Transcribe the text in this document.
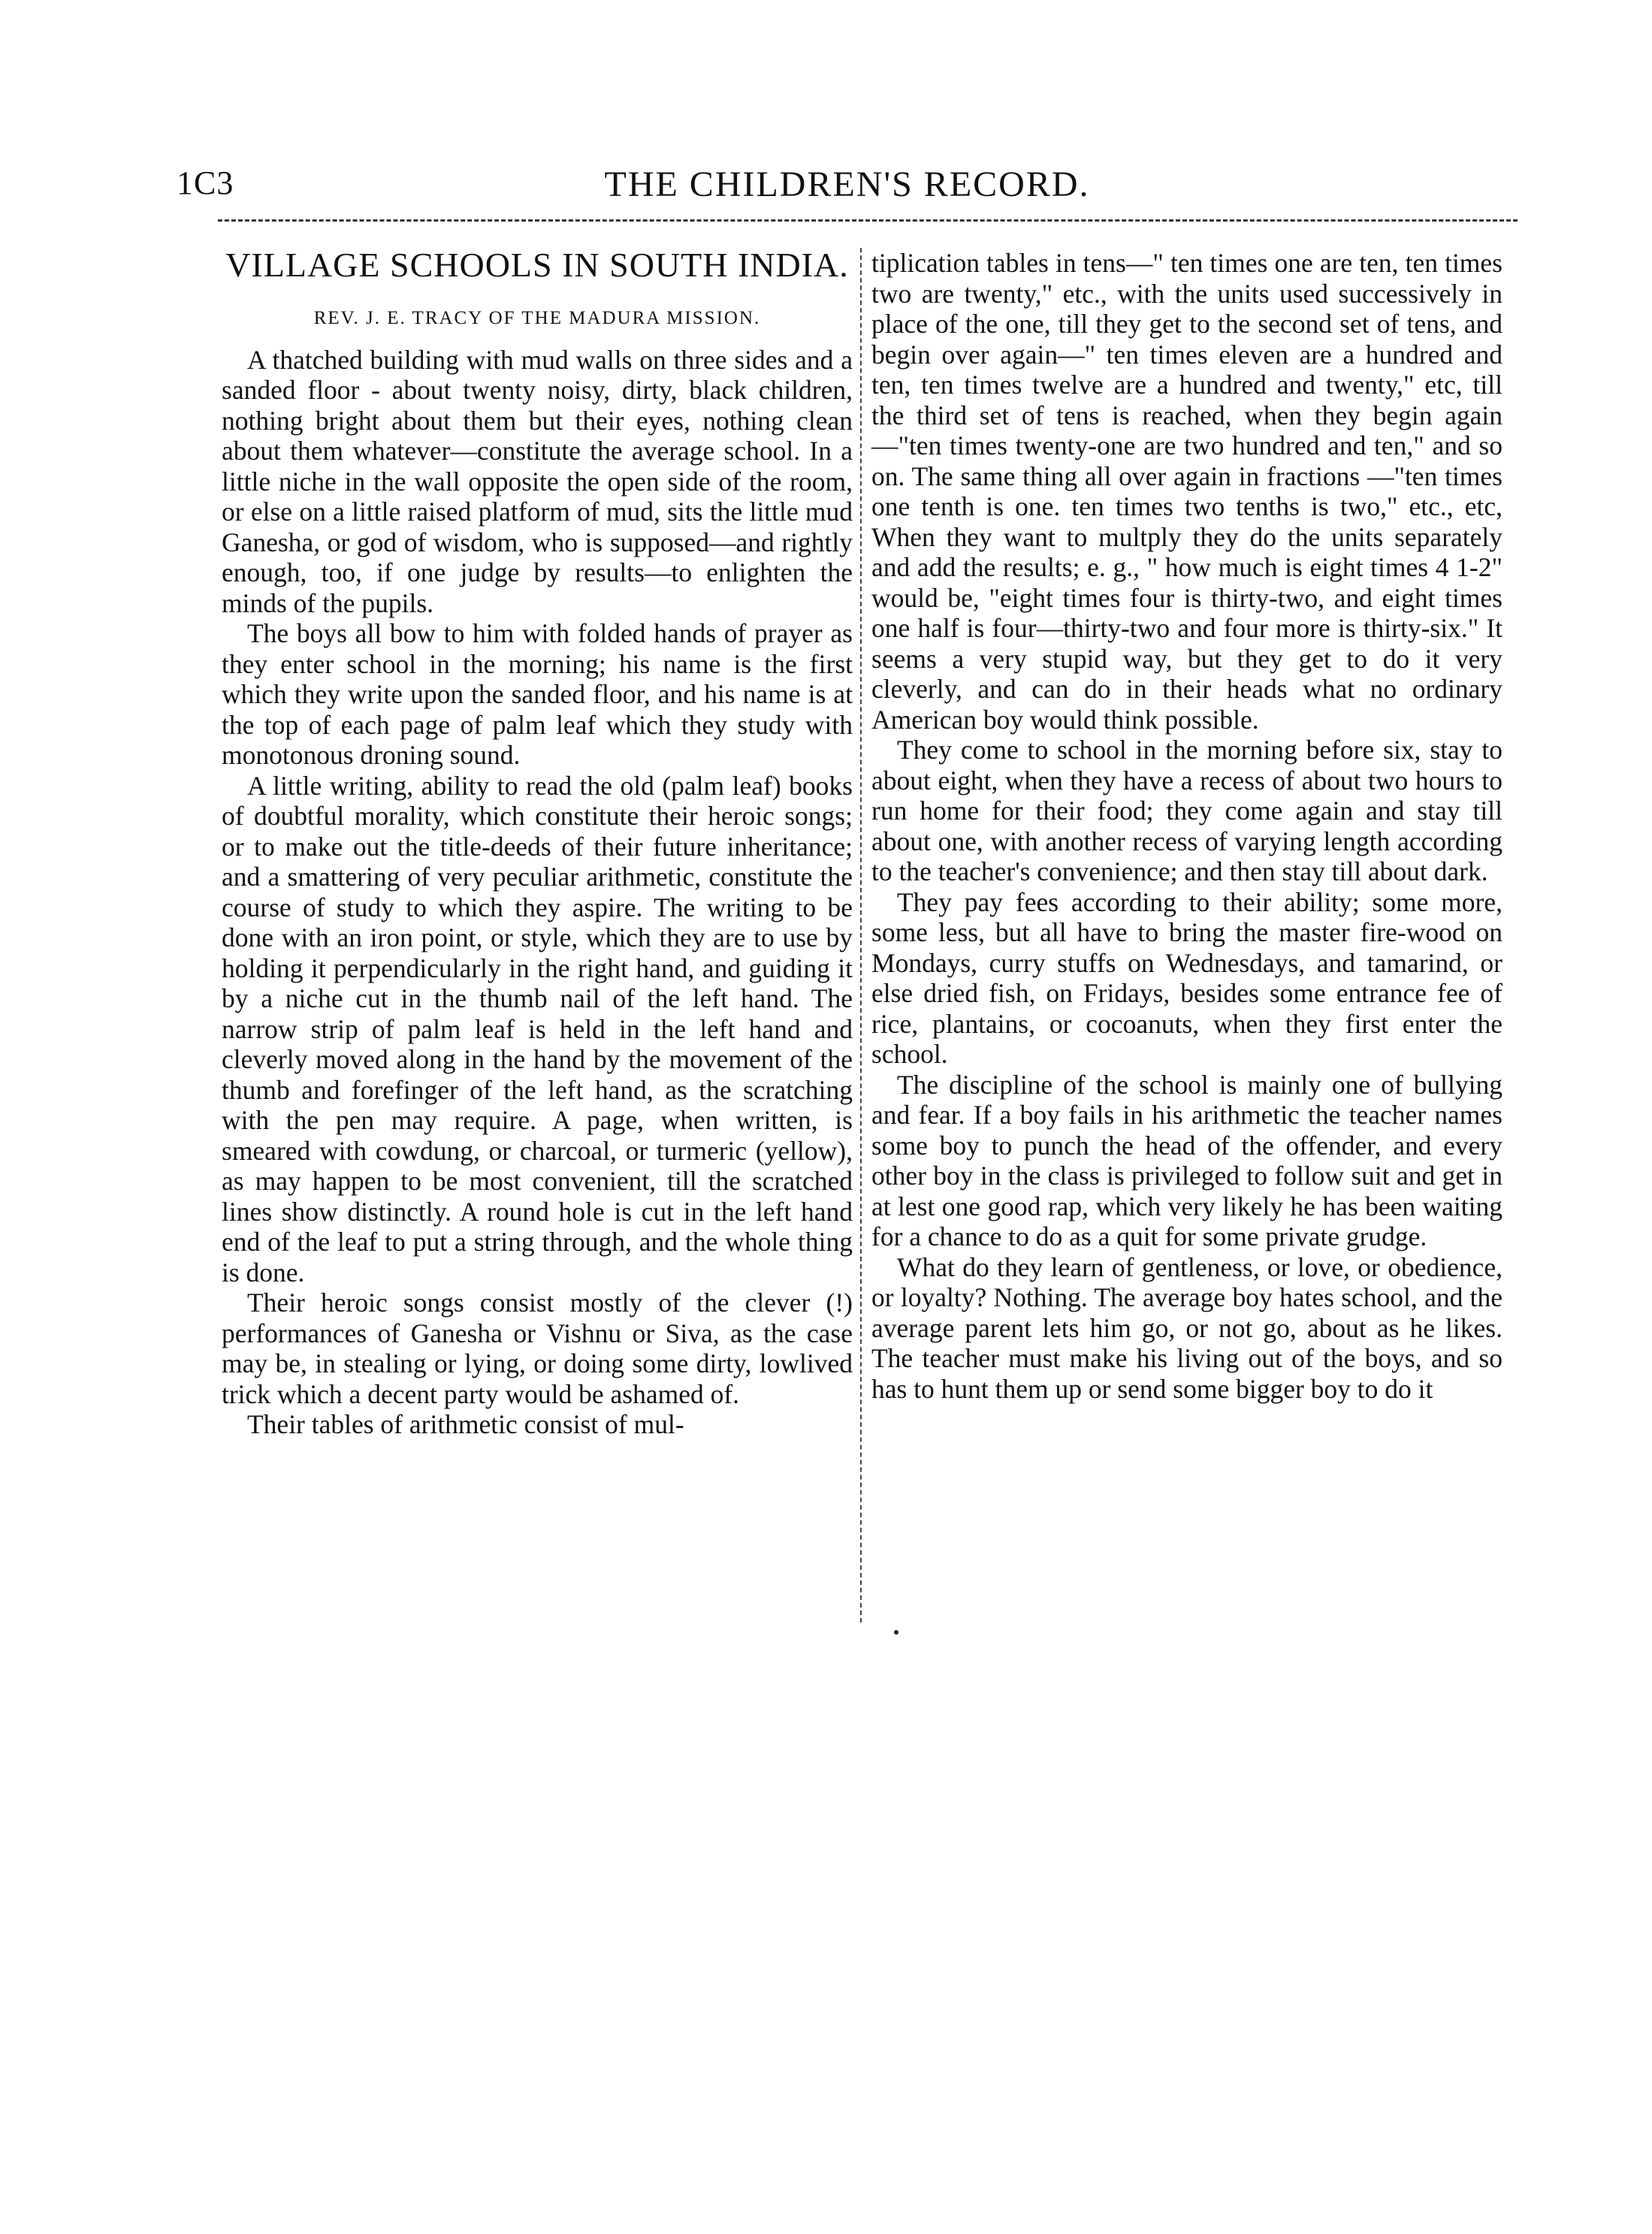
1C3	THE CHILDREN'S RECORD.
VILLAGE SCHOOLS IN SOUTH INDIA.
REV. J. E. TRACY OF THE MADURA MISSION.

A thatched building with mud walls on three sides and a sanded floor - about twenty noisy, dirty, black children, nothing bright about them but their eyes, nothing clean about them whatever—constitute the average school. In a little niche in the wall opposite the open side of the room, or else on a little raised platform of mud, sits the little mud Ganesha, or god of wisdom, who is supposed—and rightly enough, too, if one judge by results—to enlighten the minds of the pupils.

The boys all bow to him with folded hands of prayer as they enter school in the morning; his name is the first which they write upon the sanded floor, and his name is at the top of each page of palm leaf which they study with monotonous droning sound.

A little writing, ability to read the old (palm leaf) books of doubtful morality, which constitute their heroic songs; or to make out the title-deeds of their future inheritance; and a smattering of very peculiar arithmetic, constitute the course of study to which they aspire. The writing to be done with an iron point, or style, which they are to use by holding it perpendicularly in the right hand, and guiding it by a niche cut in the thumb nail of the left hand. The narrow strip of palm leaf is held in the left hand and cleverly moved along in the hand by the movement of the thumb and forefinger of the left hand, as the scratching with the pen may require. A page, when written, is smeared with cowdung, or charcoal, or turmeric (yellow), as may happen to be most convenient, till the scratched lines show distinctly. A round hole is cut in the left hand end of the leaf to put a string through, and the whole thing is done.

Their heroic songs consist mostly of the clever (!) performances of Ganesha or Vishnu or Siva, as the case may be, in stealing or lying, or doing some dirty, lowlived trick which a decent party would be ashamed of.

Their tables of arithmetic consist of mul-

tiplication tables in tens—" ten times one are ten, ten times two are twenty," etc., with the units used successively in place of the one, till they get to the second set of tens, and begin over again—" ten times eleven are a hundred and ten, ten times twelve are a hundred and twenty," etc, till the third set of tens is reached, when they begin again—"ten times twenty-one are two hundred and ten," and so on. The same thing all over again in fractions —"ten times one tenth is one. ten times two tenths is two," etc., etc, When they want to multply they do the units separately and add the results; e. g., " how much is eight times 4 1-2" would be, "eight times four is thirty-two, and eight times one half is four—thirty-two and four more is thirty-six." It seems a very stupid way, but they get to do it very cleverly, and can do in their heads what no ordinary American boy would think possible.

They come to school in the morning before six, stay to about eight, when they have a recess of about two hours to run home for their food; they come again and stay till about one, with another recess of varying length according to the teacher's convenience; and then stay till about dark.

They pay fees according to their ability; some more, some less, but all have to bring the master fire-wood on Mondays, curry stuffs on Wednesdays, and tamarind, or else dried fish, on Fridays, besides some entrance fee of rice, plantains, or cocoanuts, when they first enter the school.

The discipline of the school is mainly one of bullying and fear. If a boy fails in his arithmetic the teacher names some boy to punch the head of the offender, and every other boy in the class is privileged to follow suit and get in at lest one good rap, which very likely he has been waiting for a chance to do as a quit for some private grudge.

What do they learn of gentleness, or love, or obedience, or loyalty? Nothing. The average boy hates school, and the average parent lets him go, or not go, about as he likes. The teacher must make his living out of the boys, and so has to hunt them up or send some bigger boy to do it
